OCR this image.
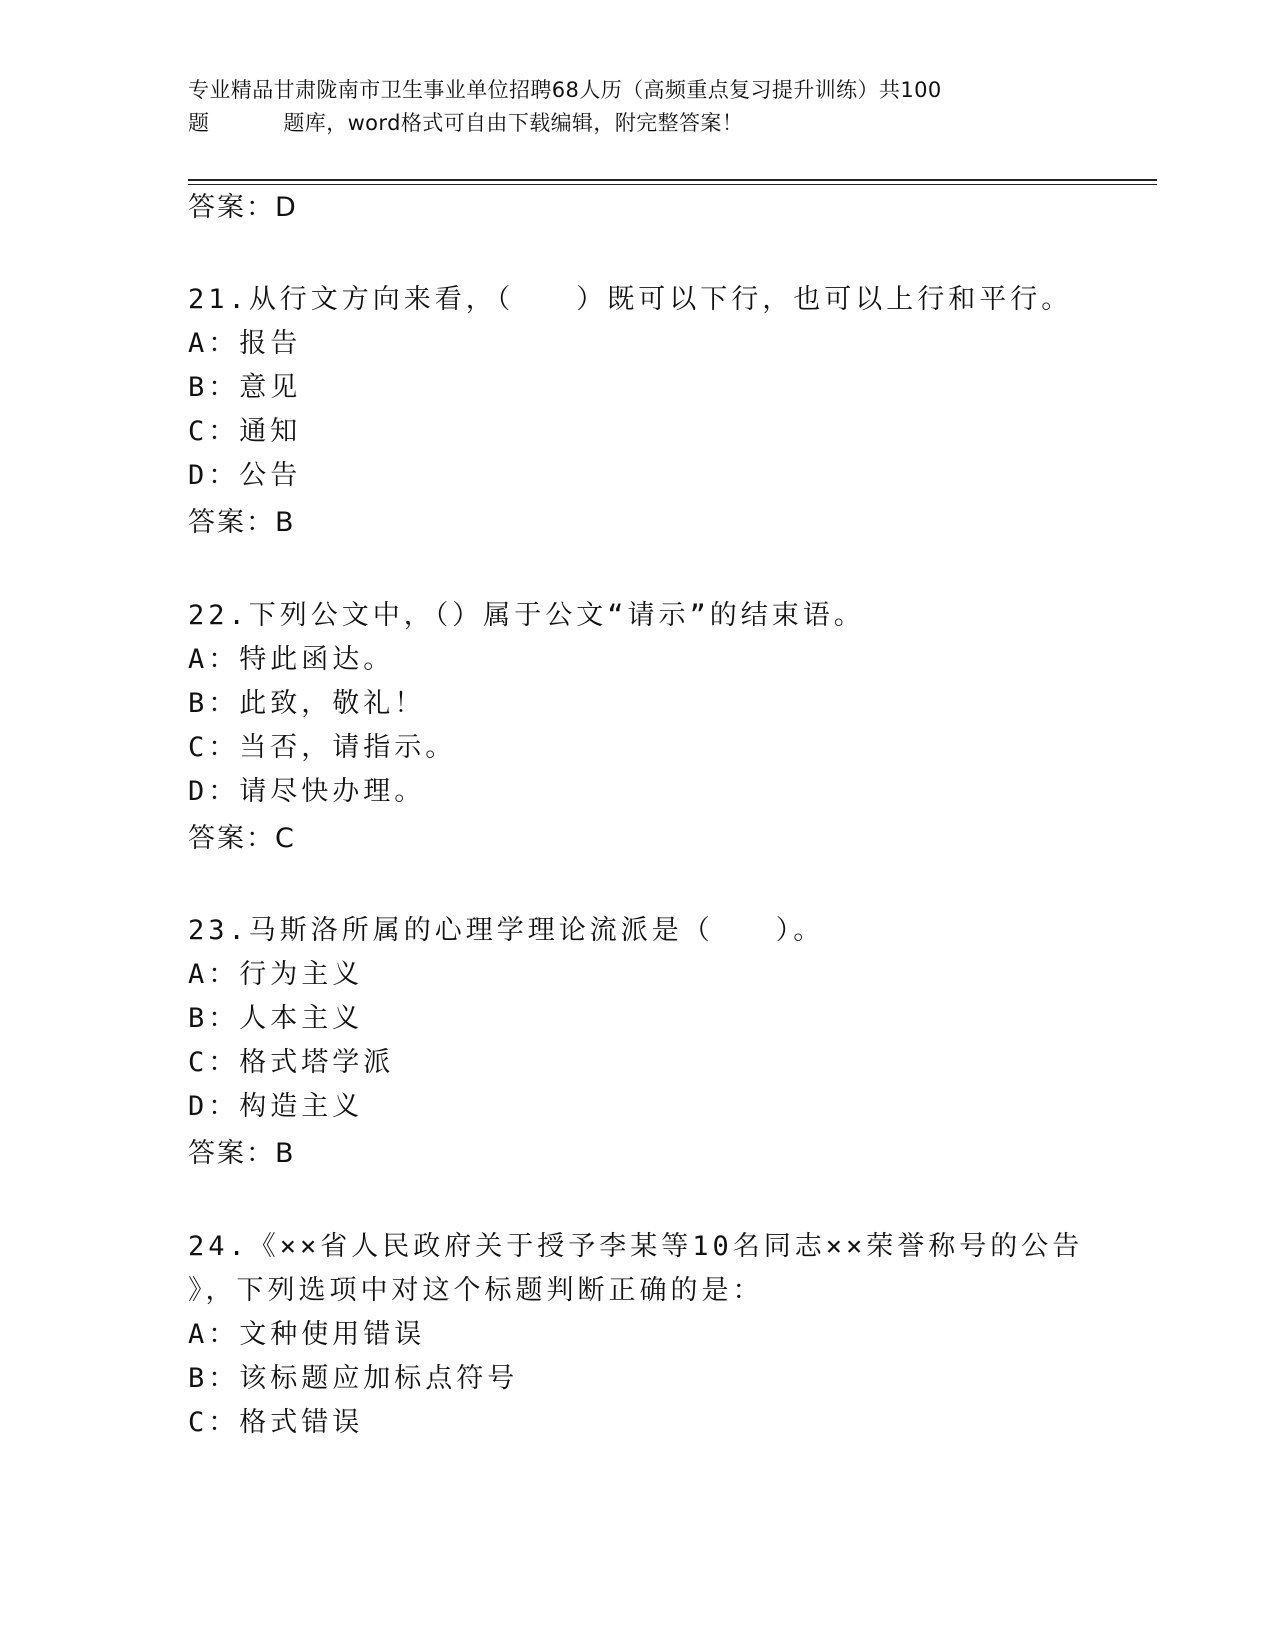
专业精品甘肃陇南市卫生事业单位招聘68人历（高频重点复习提升训练）共100
题	题库，word格式可自由下载编辑，附完整答案！
答案：D
21.从行文方向来看，（　　）既可以下行，也可以上行和平行。
A：报告
B：意见
C：通知
D：公告
答案：B
22.下列公文中，（）属于公文“请示”的结束语。
A：特此函达。
B：此致，敬礼！
C：当否，请指示。
D：请尽快办理。
答案：C
23.马斯洛所属的心理学理论流派是（　　）。
A：行为主义
B：人本主义
C：格式塔学派
D：构造主义
答案：B
24.《××省人民政府关于授予李某等10名同志××荣誉称号的公告
》，下列选项中对这个标题判断正确的是：
A：文种使用错误
B：该标题应加标点符号
C：格式错误
